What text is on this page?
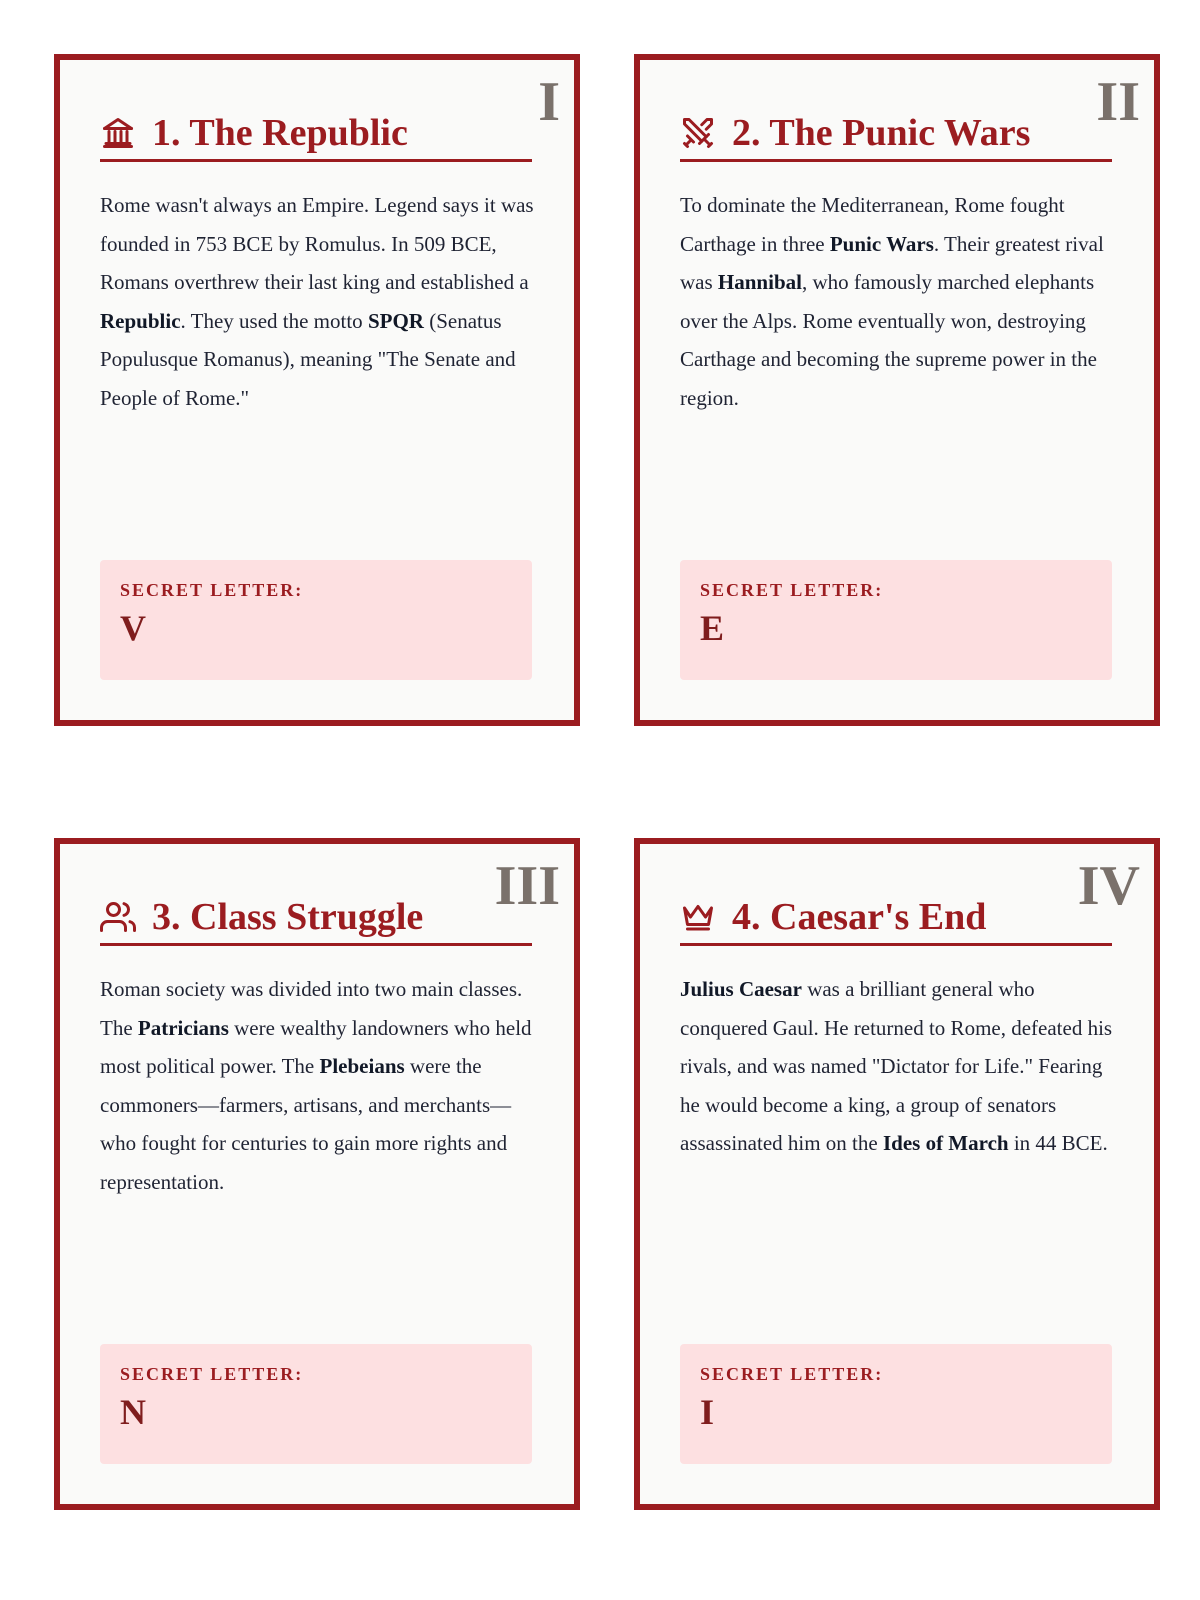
I
1. The Republic

Rome wasn't always an Empire. Legend says it was founded in 753 BCE by Romulus. In 509 BCE, Romans overthrew their last king and established a Republic. They used the motto SPQR (Senatus Populusque Romanus), meaning "The Senate and People of Rome."

SECRET LETTER:
V
II
2. The Punic Wars

To dominate the Mediterranean, Rome fought Carthage in three Punic Wars. Their greatest rival was Hannibal, who famously marched elephants over the Alps. Rome eventually won, destroying Carthage and becoming the supreme power in the region.

SECRET LETTER:
E
III
3. Class Struggle

Roman society was divided into two main classes. The Patricians were wealthy landowners who held most political power. The Plebeians were the commoners—farmers, artisans, and merchants—who fought for centuries to gain more rights and representation.

SECRET LETTER:
N
IV
4. Caesar's End

Julius Caesar was a brilliant general who conquered Gaul. He returned to Rome, defeated his rivals, and was named "Dictator for Life." Fearing he would become a king, a group of senators assassinated him on the Ides of March in 44 BCE.

SECRET LETTER:
I
